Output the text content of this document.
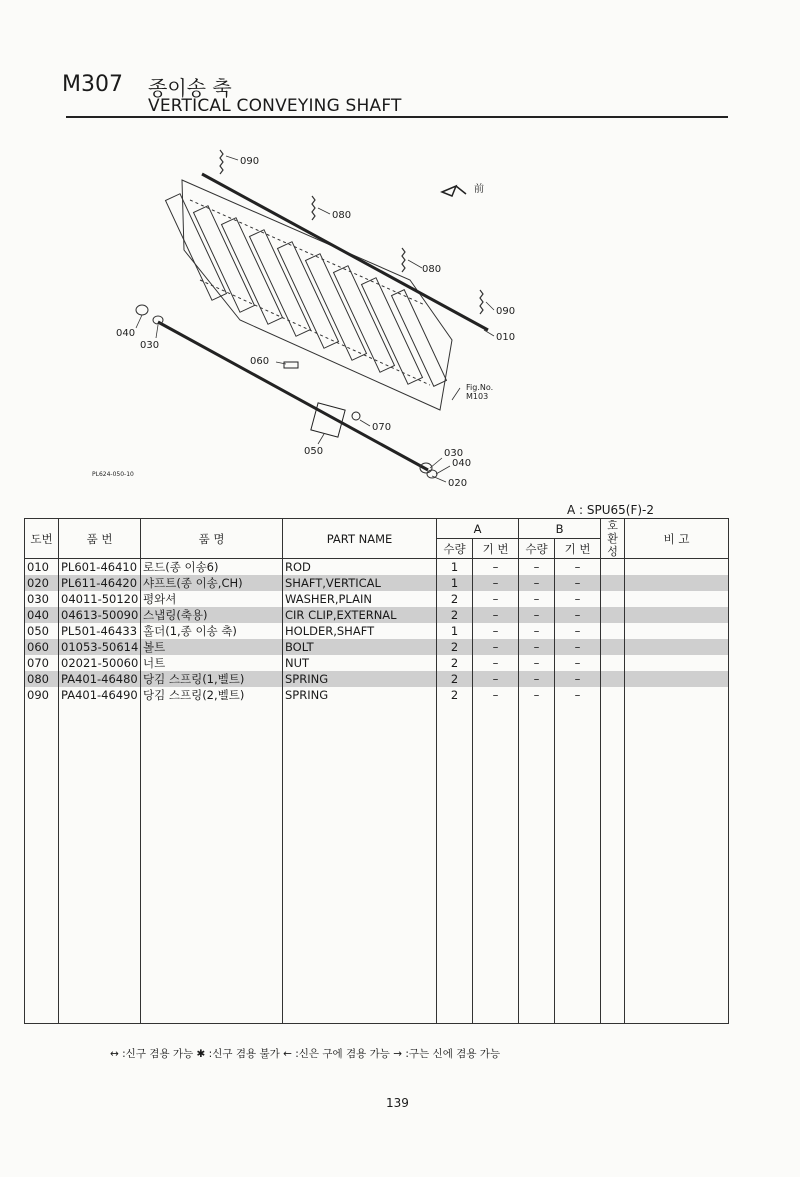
M307 종이송 축
VERTICAL CONVEYING SHAFT
090
080
080
090
010
040
030
060
070
050	030
040
020
Fig.No.
M103
前
PL624-050-10
A : SPU65(F)-2
도번	품 번	품 명	PART NAME	A		B		호
환
성	비 고
				수량	기 번	수량	기 번		
010	PL601-46410	로드(종 이송6)	ROD	1	–	–	–		
020	PL611-46420	샤프트(종 이송,CH)	SHAFT,VERTICAL	1	–	–	–		
030	04011-50120	평와셔	WASHER,PLAIN	2	–	–	–		
040	04613-50090	스냅링(축용)	CIR CLIP,EXTERNAL	2	–	–	–		
050	PL501-46433	홀더(1,종 이송 축)	HOLDER,SHAFT	1	–	–	–		
060	01053-50614	볼트	BOLT	2	–	–	–		
070	02021-50060	너트	NUT	2	–	–	–		
080	PA401-46480	당김 스프링(1,벨트)	SPRING	2	–	–	–		
090	PA401-46490	당김 스프링(2,벨트)	SPRING	2	–	–	–		

↔ :신구 겸용 가능 ✱ :신구 겸용 불가 ← :신은 구에 겸용 가능 → :구는 신에 겸용 가능
139
